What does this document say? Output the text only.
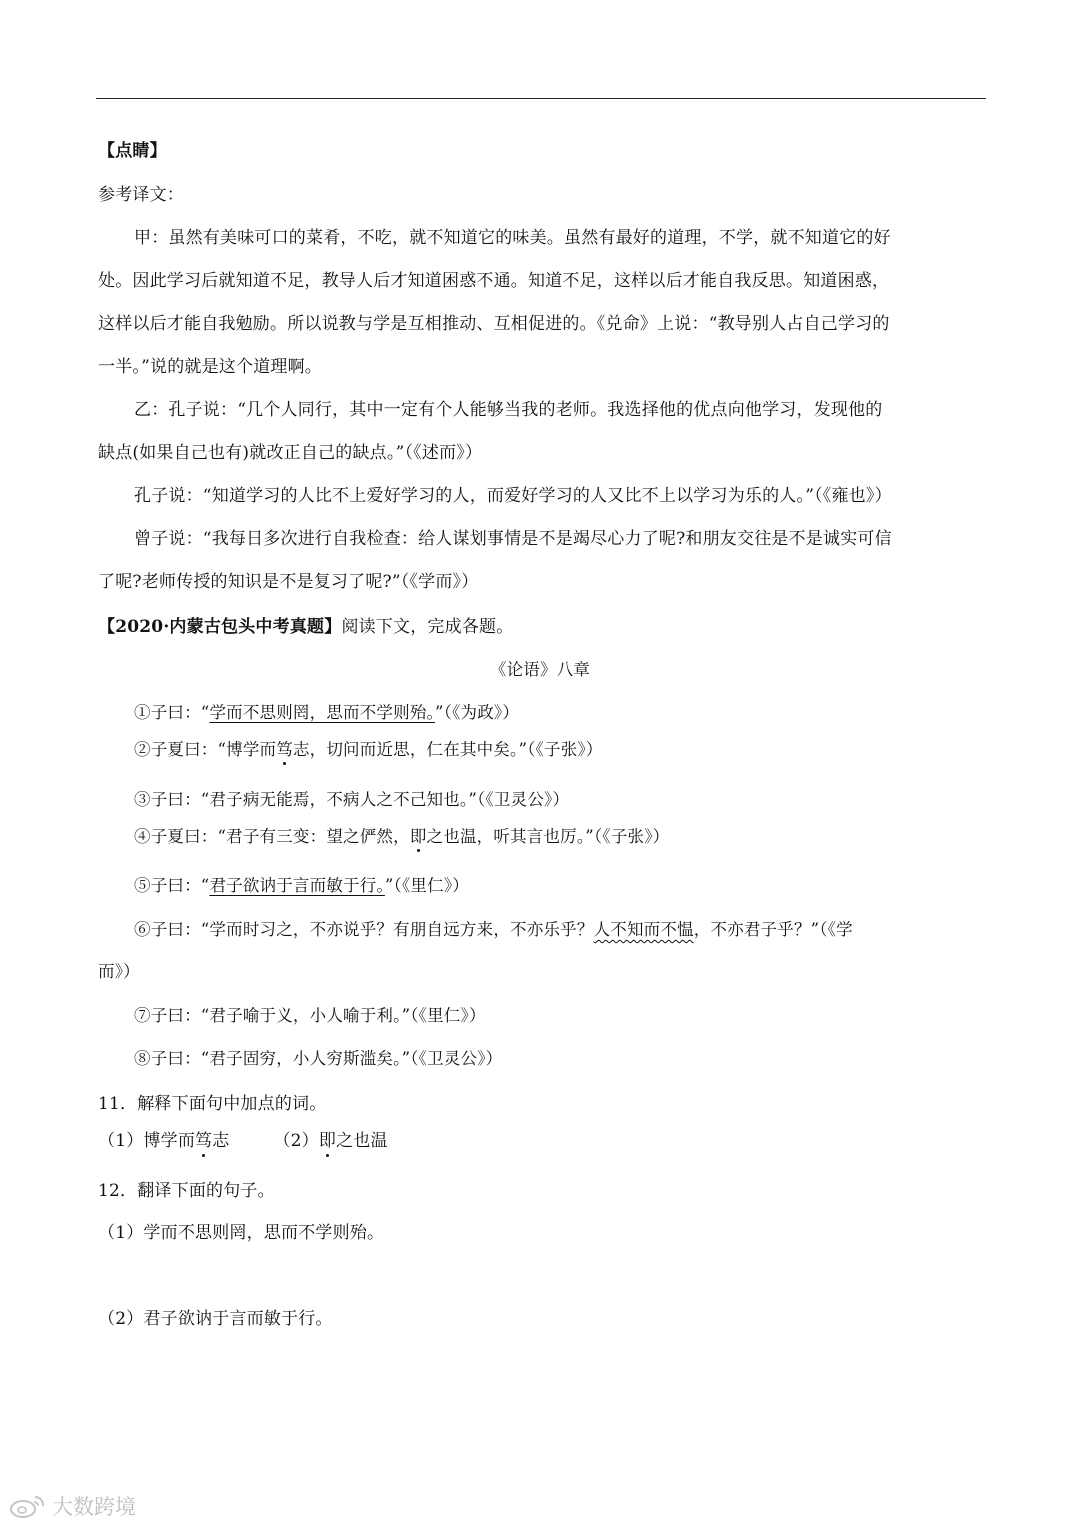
【点睛】
参考译文：
甲：虽然有美味可口的菜肴，不吃，就不知道它的味美。虽然有最好的道理，不学，就不知道它的好
处。因此学习后就知道不足，教导人后才知道困惑不通。知道不足，这样以后才能自我反思。知道困惑，
这样以后才能自我勉励。所以说教与学是互相推动、互相促进的。《兑命》上说：“教导别人占自己学习的
一半。”说的就是这个道理啊。
乙：孔子说：“几个人同行，其中一定有个人能够当我的老师。我选择他的优点向他学习，发现他的
缺点(如果自己也有)就改正自己的缺点。”（《述而》）
孔子说：“知道学习的人比不上爱好学习的人，而爱好学习的人又比不上以学习为乐的人。”（《雍也》）
曾子说：“我每日多次进行自我检查：给人谋划事情是不是竭尽心力了呢?和朋友交往是不是诚实可信
了呢?老师传授的知识是不是复习了呢?”（《学而》）
【2020·内蒙古包头中考真题】阅读下文，完成各题。
《论语》八章
①子曰：“学而不思则罔，思而不学则殆。”（《为政》）
②子夏曰：“博学而笃志，切问而近思，仁在其中矣。”（《子张》）
③子曰：“君子病无能焉，不病人之不己知也。”（《卫灵公》）
④子夏曰：“君子有三变：望之俨然，即之也温，听其言也厉。”（《子张》）
⑤子曰：“君子欲讷于言而敏于行。”（《里仁》）
⑥子曰：“学而时习之，不亦说乎？有朋自远方来，不亦乐乎？人不知而不愠，不亦君子乎？”（《学
而》）
⑦子曰：“君子喻于义，小人喻于利。”（《里仁》）
⑧子曰：“君子固穷，小人穷斯滥矣。”（《卫灵公》）
11．解释下面句中加点的词。
（1）博学而笃志	（2）即之也温
12．翻译下面的句子。
（1）学而不思则罔，思而不学则殆。
（2）君子欲讷于言而敏于行。
大数跨境
